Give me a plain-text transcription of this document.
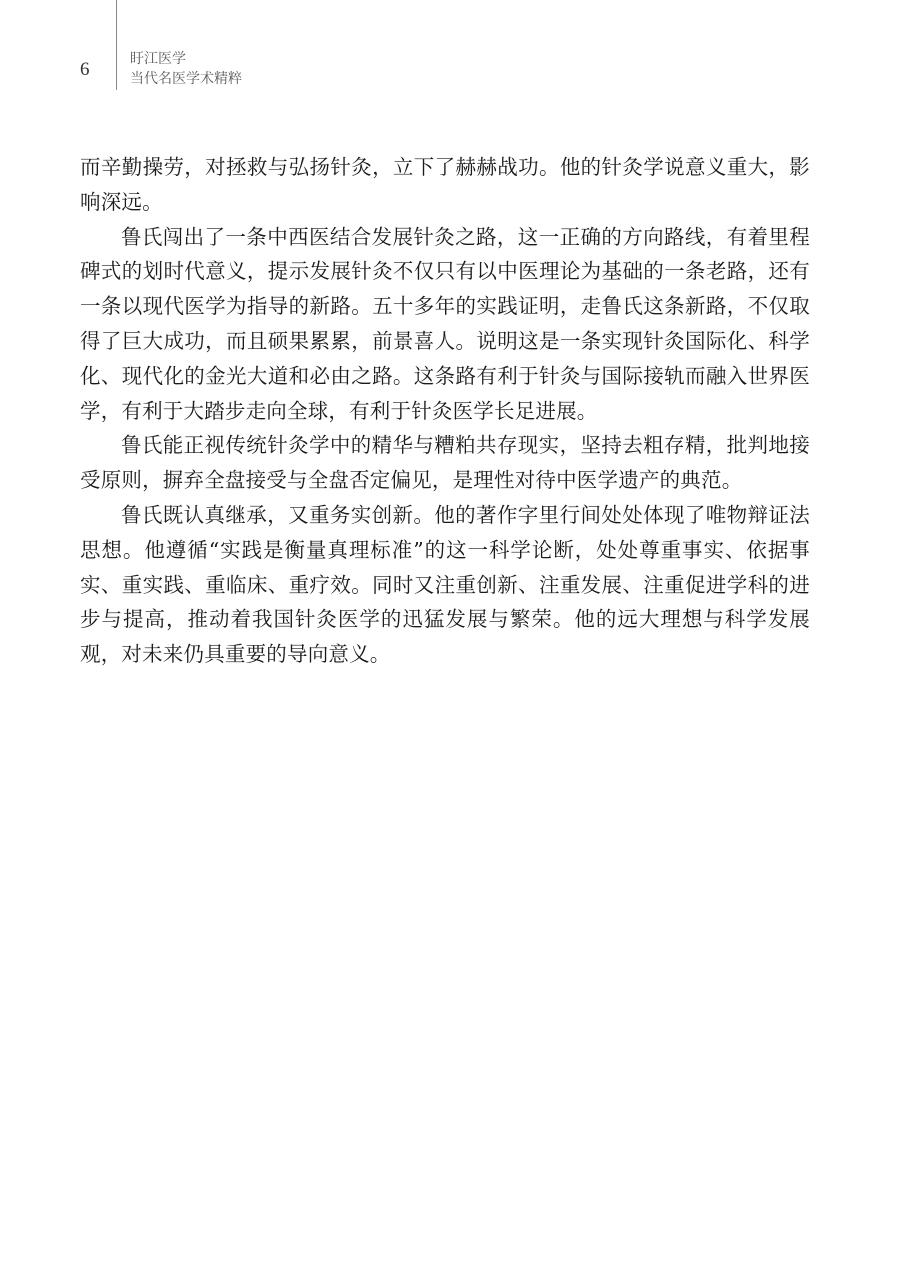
6	盱江医学
当代名医学术精粹

而辛勤操劳，对拯救与弘扬针灸，立下了赫赫战功。他的针灸学说意义重大，影响深远。

鲁氏闯出了一条中西医结合发展针灸之路，这一正确的方向路线，有着里程碑式的划时代意义，提示发展针灸不仅只有以中医理论为基础的一条老路，还有一条以现代医学为指导的新路。五十多年的实践证明，走鲁氏这条新路，不仅取得了巨大成功，而且硕果累累，前景喜人。说明这是一条实现针灸国际化、科学化、现代化的金光大道和必由之路。这条路有利于针灸与国际接轨而融入世界医学，有利于大踏步走向全球，有利于针灸医学长足进展。

鲁氏能正视传统针灸学中的精华与糟粕共存现实，坚持去粗存精，批判地接受原则，摒弃全盘接受与全盘否定偏见，是理性对待中医学遗产的典范。

鲁氏既认真继承，又重务实创新。他的著作字里行间处处体现了唯物辩证法思想。他遵循“实践是衡量真理标准”的这一科学论断，处处尊重事实、依据事实、重实践、重临床、重疗效。同时又注重创新、注重发展、注重促进学科的进步与提高，推动着我国针灸医学的迅猛发展与繁荣。他的远大理想与科学发展观，对未来仍具重要的导向意义。
